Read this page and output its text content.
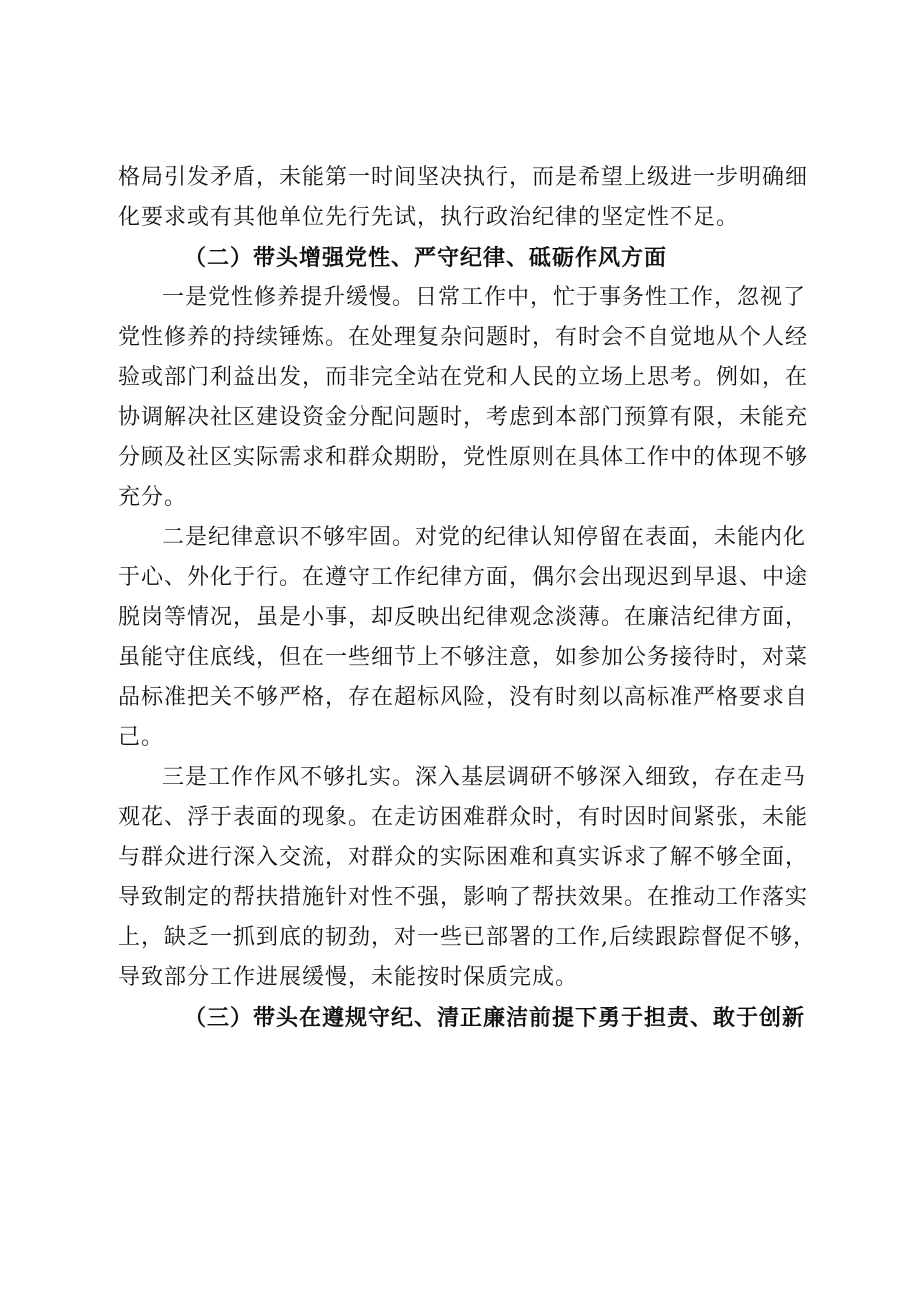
格局引发矛盾，未能第一时间坚决执行，而是希望上级进一步明确细
化要求或有其他单位先行先试，执行政治纪律的坚定性不足。
（二）带头增强党性、严守纪律、砥砺作风方面
一是党性修养提升缓慢。日常工作中，忙于事务性工作，忽视了
党性修养的持续锤炼。在处理复杂问题时，有时会不自觉地从个人经
验或部门利益出发，而非完全站在党和人民的立场上思考。例如，在
协调解决社区建设资金分配问题时，考虑到本部门预算有限，未能充
分顾及社区实际需求和群众期盼，党性原则在具体工作中的体现不够
充分。
二是纪律意识不够牢固。对党的纪律认知停留在表面，未能内化
于心、外化于行。在遵守工作纪律方面，偶尔会出现迟到早退、中途
脱岗等情况，虽是小事，却反映出纪律观念淡薄。在廉洁纪律方面，
虽能守住底线，但在一些细节上不够注意，如参加公务接待时，对菜
品标准把关不够严格，存在超标风险，没有时刻以高标准严格要求自
己。
三是工作作风不够扎实。深入基层调研不够深入细致，存在走马
观花、浮于表面的现象。在走访困难群众时，有时因时间紧张，未能
与群众进行深入交流，对群众的实际困难和真实诉求了解不够全面，
导致制定的帮扶措施针对性不强，影响了帮扶效果。在推动工作落实
上，缺乏一抓到底的韧劲，对一些已部署的工作,后续跟踪督促不够，
导致部分工作进展缓慢，未能按时保质完成。
（三）带头在遵规守纪、清正廉洁前提下勇于担责、敢于创新
